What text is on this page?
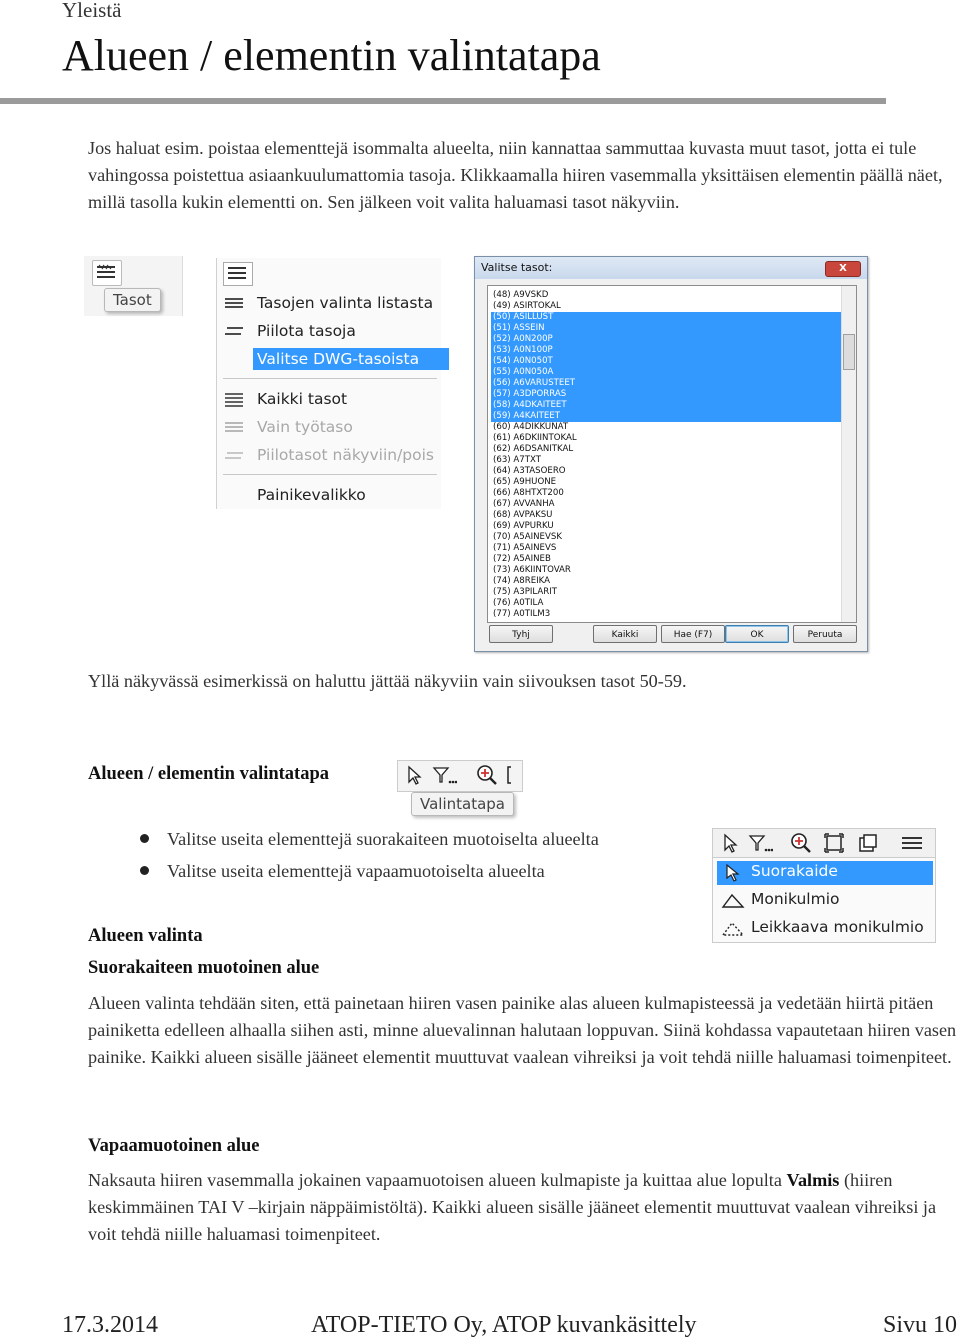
Yleistä
Alueen / elementin valintatapa

Jos haluat esim. poistaa elementtejä isommalta alueelta, niin kannattaa sammuttaa kuvasta muut tasot, jotta ei tule vahingossa poistettua asiaankuulumattomia tasoja. Klikkaamalla hiiren vasemmalla yksittäisen elementin päällä näet, millä tasolla kukin elementti on. Sen jälkeen voit valita haluamasi tasot näkyviin.

Tasot	Tasojen valinta listasta
Piilota tasoja
Valitse DWG-tasoista
Kaikki tasot
Vain työtaso
Piilotasot näkyviin/pois
Painikevalikko
Valitse tasot:	X
(48) A9VSKD
(49) ASIRTOKAL
(50) ASILLUST
(51) ASSEIN
(52) A0N200P
(53) A0N100P
(54) A0N050T
(55) A0N050A
(56) A6VARUSTEET
(57) A3DPORRAS
(58) A4DKAITEET
(59) A4KAITEET
(60) A4DIKKUNAT
(61) A6DKIINTOKAL
(62) A6DSANITKAL
(63) A7TXT
(64) A3TASOERO
(65) A9HUONE
(66) A8HTXT200
(67) AVVANHA
(68) AVPAKSU
(69) AVPURKU
(70) A5AINEVSK
(71) A5AINEVS
(72) A5AINEB
(73) A6KIINTOVAR
(74) A8REIKA
(75) A3PILARIT
(76) A0TILA
(77) A0TILM3
Tyhj	Kaikki	Hae (F7)	OK	Peruuta

Yllä näkyvässä esimerkissä on haluttu jättää näkyviin vain siivouksen tasot 50-59.

Alueen / elementin valintatapa
Valintatapa
Valitse useita elementtejä suorakaiteen muotoiselta alueelta
Valitse useita elementtejä vapaamuotoiselta alueelta	Suorakaide
Monikulmio
Leikkaava monikulmio
Alueen valinta
Suorakaiteen muotoinen alue

Alueen valinta tehdään siten, että painetaan hiiren vasen painike alas alueen kulmapisteessä ja vedetään hiirtä pitäen painiketta edelleen alhaalla siihen asti, minne aluevalinnan halutaan loppuvan. Siinä kohdassa vapautetaan hiiren vasen painike. Kaikki alueen sisälle jääneet elementit muuttuvat vaalean vihreiksi ja voit tehdä niille haluamasi toimenpiteet.

Vapaamuotoinen alue

Naksauta hiiren vasemmalla jokainen vapaamuotoisen alueen kulmapiste ja kuittaa alue lopulta Valmis (hiiren keskimmäinen TAI V –kirjain näppäimistöltä). Kaikki alueen sisälle jääneet elementit muuttuvat vaalean vihreiksi ja voit tehdä niille haluamasi toimenpiteet.

17.3.2014	ATOP-TIETO Oy, ATOP kuvankäsittely	Sivu 10
